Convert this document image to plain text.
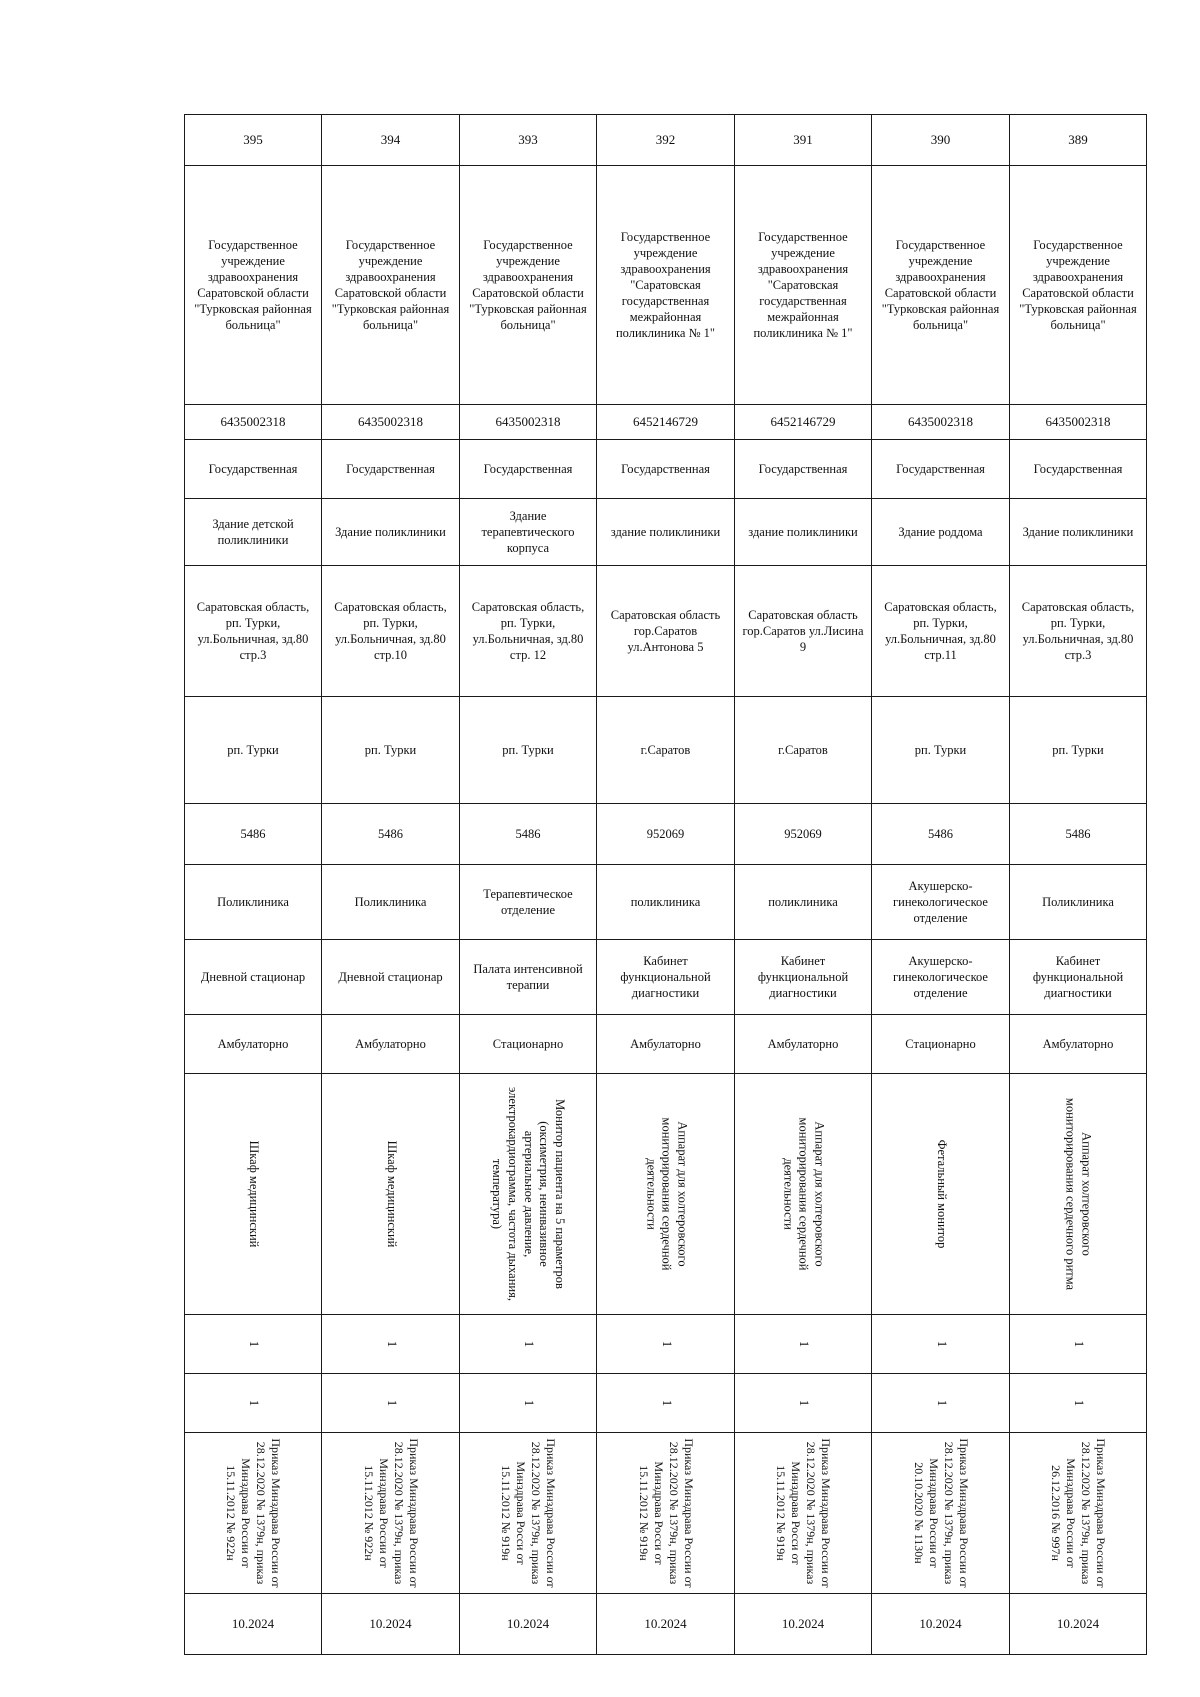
395	394	393	392	391	390	389
Государственное учреждение здравоохранения Саратовской области "Турковская районная больница"	Государственное учреждение здравоохранения Саратовской области "Турковская районная больница"	Государственное учреждение здравоохранения Саратовской области "Турковская районная больница"	Государственное учреждение здравоохранения "Саратовская государственная межрайонная поликлиника № 1"	Государственное учреждение здравоохранения "Саратовская государственная межрайонная поликлиника № 1"	Государственное учреждение здравоохранения Саратовской области "Турковская районная больница"	Государственное учреждение здравоохранения Саратовской области "Турковская районная больница"
6435002318	6435002318	6435002318	6452146729	6452146729	6435002318	6435002318
Государственная	Государственная	Государственная	Государственная	Государственная	Государственная	Государственная
Здание детской поликлиники	Здание поликлиники	Здание терапевтического корпуса	здание поликлиники	здание поликлиники	Здание роддома	Здание поликлиники
Саратовская область, рп. Турки, ул.Больничная, зд.80 стр.3	Саратовская область, рп. Турки, ул.Больничная, зд.80 стр.10	Саратовская область, рп. Турки, ул.Больничная, зд.80 стр. 12	Саратовская область гор.Саратов ул.Антонова 5	Саратовская область гор.Саратов ул.Лисина 9	Саратовская область, рп. Турки, ул.Больничная, зд.80 стр.11	Саратовская область, рп. Турки, ул.Больничная, зд.80 стр.3
рп. Турки	рп. Турки	рп. Турки	г.Саратов	г.Саратов	рп. Турки	рп. Турки
5486	5486	5486	952069	952069	5486	5486
Поликлиника	Поликлиника	Терапевтическое отделение	поликлиника	поликлиника	Акушерско-гинекологическое отделение	Поликлиника
Дневной стационар	Дневной стационар	Палата интенсивной терапии	Кабинет функциональной диагностики	Кабинет функциональной диагностики	Акушерско-гинекологическое отделение	Кабинет функциональной диагностики
Амбулаторно	Амбулаторно	Стационарно	Амбулаторно	Амбулаторно	Стационарно	Амбулаторно

Шкаф медицинский	Шкаф медицинский	Монитор пациента на 5 параметров (оксиметрия, неинвазивное артериальное давление, электрокардиограмма, частота дыхания, температура)	Аппарат для холтеровского мониторирования сердечной деятельности	Аппарат для холтеровского мониторирования сердечной деятельности	Фетальный монитор	Аппарат холтеровского мониторирования сердечного ритма

1	1	1	1	1	1	1

1	1	1	1	1	1	1

Приказ Минздрава России от 28.12.2020 № 1379н, приказ Минздрава России от 15.11.2012 № 922н	Приказ Минздрава России от 28.12.2020 № 1379н, приказ Минздрава России от 15.11.2012 № 922н	Приказ Минздрава России от 28.12.2020 № 1379н, приказ Минздрава Росси от 15.11.2012 № 919н	Приказ Минздрава России от 28.12.2020 № 1379н, приказ Минздрава Росси от 15.11.2012 № 919н	Приказ Минздрава России от 28.12.2020 № 1379н, приказ Минздрава Росси от 15.11.2012 № 919н	Приказ Минздрава России от 28.12.2020 № 1379н, приказ Минздрава России от 20.10.2020 № 1130н	Приказ Минздрава России от 28.12.2020 № 1379н, приказ Минздрава России от 26.12.2016 № 997н

10.2024	10.2024	10.2024	10.2024	10.2024	10.2024	10.2024
